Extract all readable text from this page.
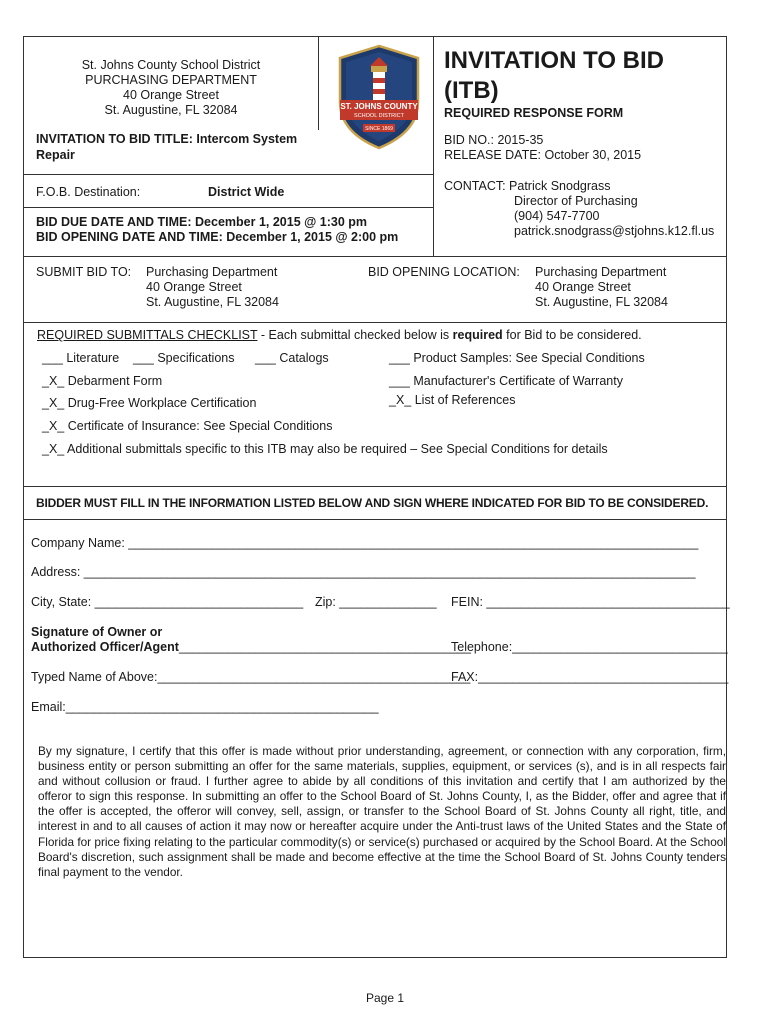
St. Johns County School District
PURCHASING DEPARTMENT
40 Orange Street
St. Augustine, FL 32084	ST. JOHNS COUNTY
SCHOOL DISTRICT
SINCE 1869
INVITATION TO BID
(ITB)
REQUIRED RESPONSE FORM
BID NO.: 2015-35
RELEASE DATE: October 30, 2015
INVITATION TO BID TITLE: Intercom System
Repair
F.O.B. Destination:	District Wide
BID DUE DATE AND TIME: December 1, 2015 @ 1:30 pm
BID OPENING DATE AND TIME: December 1, 2015 @ 2:00 pm
CONTACT: Patrick Snodgrass
Director of Purchasing
(904) 547-7700
patrick.snodgrass@stjohns.k12.fl.us
SUBMIT BID TO: Purchasing Department
40 Orange Street
St. Augustine, FL 32084
BID OPENING LOCATION: Purchasing Department
40 Orange Street
St. Augustine, FL 32084
REQUIRED SUBMITTALS CHECKLIST - Each submittal checked below is required for Bid to be considered.
___ Literature ___ Specifications ___ Catalogs	___ Product Samples: See Special Conditions
_X_ Debarment Form	___ Manufacturer's Certificate of Warranty
_X_ Drug-Free Workplace Certification	_X_ List of References
_X_ Certificate of Insurance: See Special Conditions
_X_ Additional submittals specific to this ITB may also be required – See Special Conditions for details
BIDDER MUST FILL IN THE INFORMATION LISTED BELOW AND SIGN WHERE INDICATED FOR BID TO BE CONSIDERED.
Company Name: __________________________________________________________________________________
Address: ________________________________________________________________________________________
City, State: ______________________________ Zip: ______________ FEIN: ___________________________________
Signature of Owner or
Authorized Officer/Agent __________________________________________
Telephone:_______________________________
Typed Name of Above:_____________________________________________
FAX:____________________________________
Email:_____________________________________________
By my signature, I certify that this offer is made without prior understanding, agreement, or connection with any corporation, firm, business entity or person submitting an offer for the same materials, supplies, equipment, or services (s), and is in all respects fair and without collusion or fraud. I further agree to abide by all conditions of this invitation and certify that I am authorized by the offeror to sign this response. In submitting an offer to the School Board of St. Johns County, I, as the Bidder, offer and agree that if the offer is accepted, the offeror will convey, sell, assign, or transfer to the School Board of St. Johns County all right, title, and interest in and to all causes of action it may now or hereafter acquire under the Anti-trust laws of the United States and the State of Florida for price fixing relating to the particular commodity(s) or service(s) purchased or acquired by the School Board. At the School Board's discretion, such assignment shall be made and become effective at the time the School Board of St. Johns County tenders final payment to the vendor.
Page 1
